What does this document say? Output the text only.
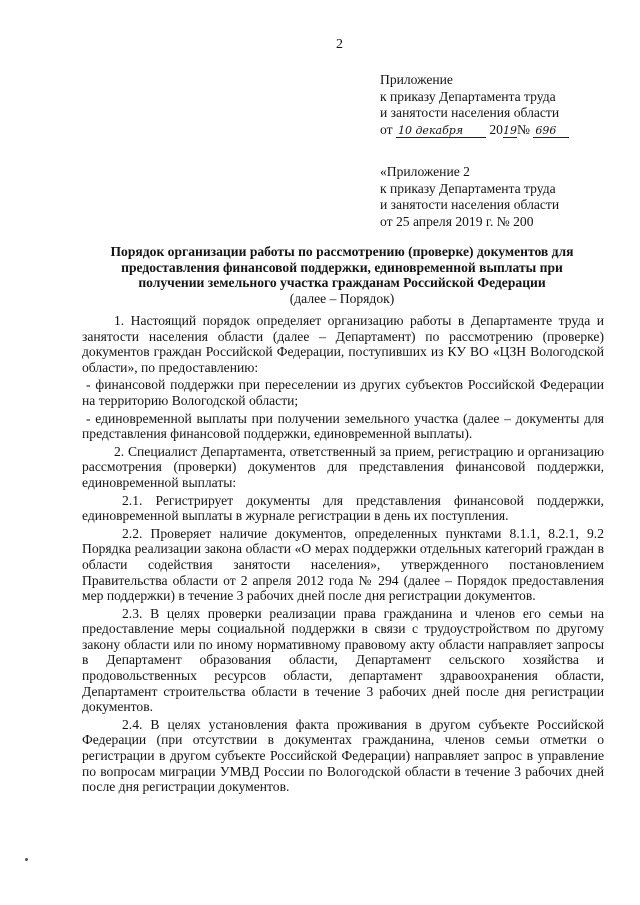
2
Приложение
к приказу Департамента труда
и занятости населения области
от 10 декабря 2019№ 696
«Приложение 2
к приказу Департамента труда
и занятости населения области
от 25 апреля 2019 г. № 200
Порядок организации работы по рассмотрению (проверке) документов для
предоставления финансовой поддержки, единовременной выплаты при
получении земельного участка гражданам Российской Федерации
(далее – Порядок)

1. Настоящий порядок определяет организацию работы в Департаменте труда и занятости населения области (далее – Департамент) по рассмотрению (проверке) документов граждан Российской Федерации, поступивших из КУ ВО «ЦЗН Вологодской области», по предоставлению:

- финансовой поддержки при переселении из других субъектов Российской Федерации на территорию Вологодской области;

- единовременной выплаты при получении земельного участка (далее – документы для представления финансовой поддержки, единовременной выплаты).

2. Специалист Департамента, ответственный за прием, регистрацию и организацию рассмотрения (проверки) документов для представления финансовой поддержки, единовременной выплаты:

2.1. Регистрирует документы для представления финансовой поддержки, единовременной выплаты в журнале регистрации в день их поступления.

2.2. Проверяет наличие документов, определенных пунктами 8.1.1, 8.2.1, 9.2 Порядка реализации закона области «О мерах поддержки отдельных категорий граждан в области содействия занятости населения», утвержденного постановлением Правительства области от 2 апреля 2012 года № 294 (далее – Порядок предоставления мер поддержки) в течение 3 рабочих дней после дня регистрации документов.

2.3. В целях проверки реализации права гражданина и членов его семьи на предоставление меры социальной поддержки в связи с трудоустройством по другому закону области или по иному нормативному правовому акту области направляет запросы в Департамент образования области, Департамент сельского хозяйства и продовольственных ресурсов области, департамент здравоохранения области, Департамент строительства области в течение 3 рабочих дней после дня регистрации документов.

2.4. В целях установления факта проживания в другом субъекте Российской Федерации (при отсутствии в документах гражданина, членов семьи отметки о регистрации в другом субъекте Российской Федерации) направляет запрос в управление по вопросам миграции УМВД России по Вологодской области в течение 3 рабочих дней после дня регистрации документов.
